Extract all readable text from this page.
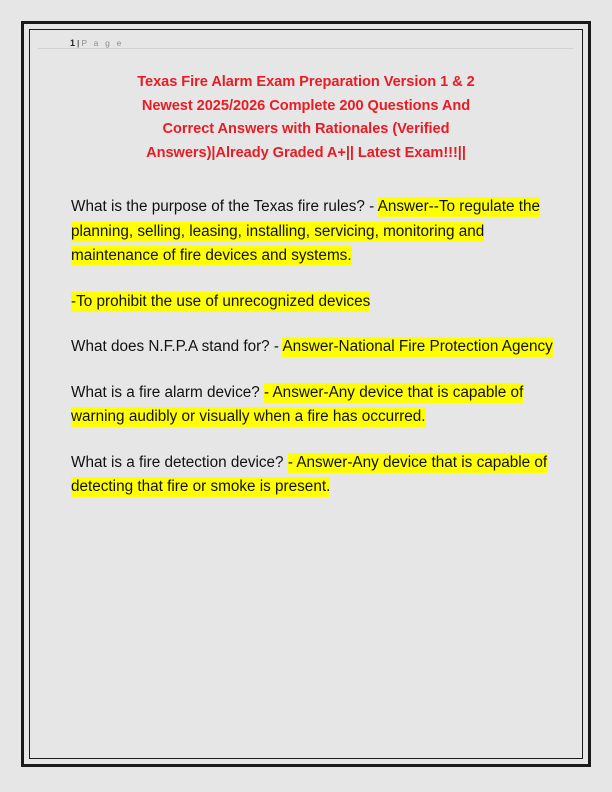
1 | P a g e
Texas Fire Alarm Exam Preparation Version 1 & 2
Newest 2025/2026 Complete 200 Questions And
Correct Answers with Rationales (Verified
Answers)|Already Graded A+|| Latest Exam!!!||
What is the purpose of the Texas fire rules? - Answer--To regulate the planning, selling, leasing, installing, servicing, monitoring and maintenance of fire devices and systems.
-To prohibit the use of unrecognized devices
What does N.F.P.A stand for? - Answer-National Fire Protection Agency
What is a fire alarm device? - Answer-Any device that is capable of warning audibly or visually when a fire has occurred.
What is a fire detection device? - Answer-Any device that is capable of detecting that fire or smoke is present.
